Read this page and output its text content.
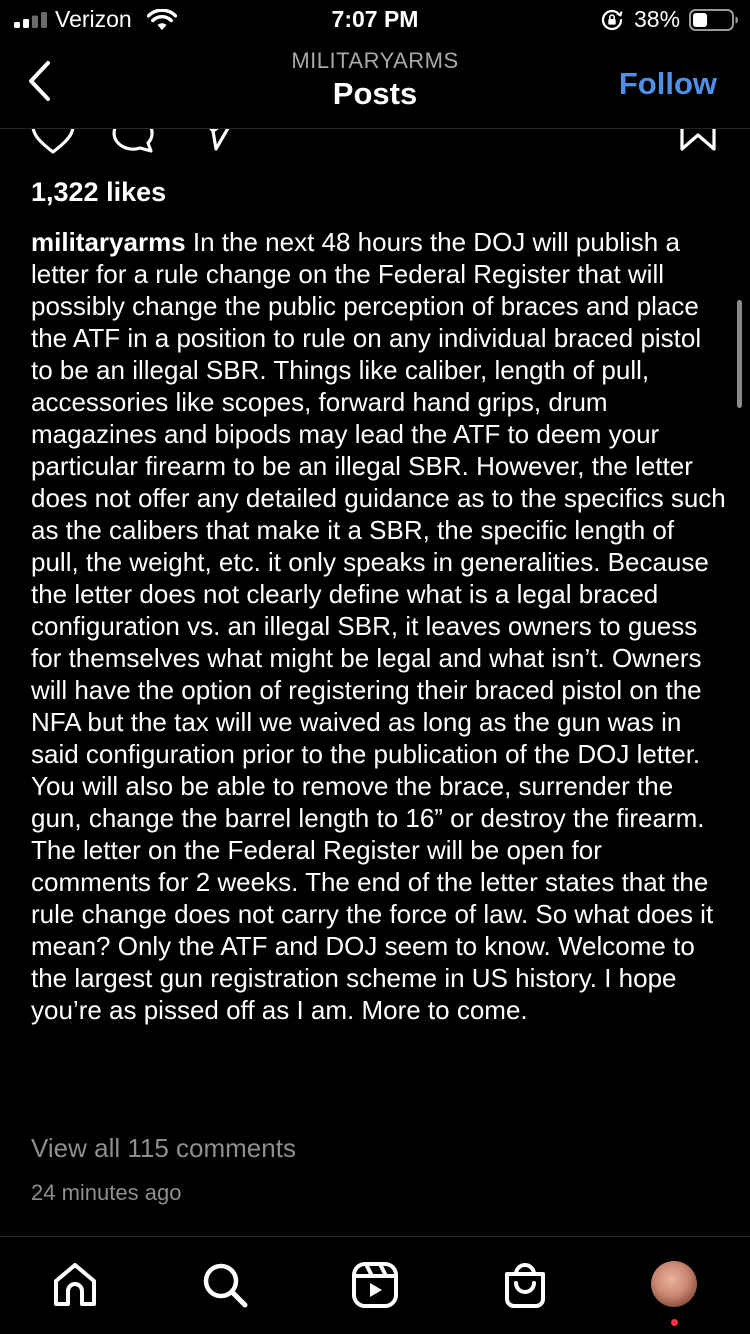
Verizon	7:07 PM	38%
MILITARYARMS
Posts	Follow
1,322 likes
militaryarms In the next 48 hours the DOJ will publish a letter for a rule change on the Federal Register that will possibly change the public perception of braces and place the ATF in a position to rule on any individual braced pistol to be an illegal SBR. Things like caliber, length of pull, accessories like scopes, forward hand grips, drum magazines and bipods may lead the ATF to deem your particular firearm to be an illegal SBR. However, the letter does not offer any detailed guidance as to the specifics such as the calibers that make it a SBR, the specific length of pull, the weight, etc. it only speaks in generalities. Because the letter does not clearly define what is a legal braced configuration vs. an illegal SBR, it leaves owners to guess for themselves what might be legal and what isn’t. Owners will have the option of registering their braced pistol on the NFA but the tax will we waived as long as the gun was in said configuration prior to the publication of the DOJ letter. You will also be able to remove the brace, surrender the gun, change the barrel length to 16” or destroy the firearm. The letter on the Federal Register will be open for comments for 2 weeks. The end of the letter states that the rule change does not carry the force of law. So what does it mean? Only the ATF and DOJ seem to know. Welcome to the largest gun registration scheme in US history. I hope you’re as pissed off as I am. More to come.
View all 115 comments
24 minutes ago
